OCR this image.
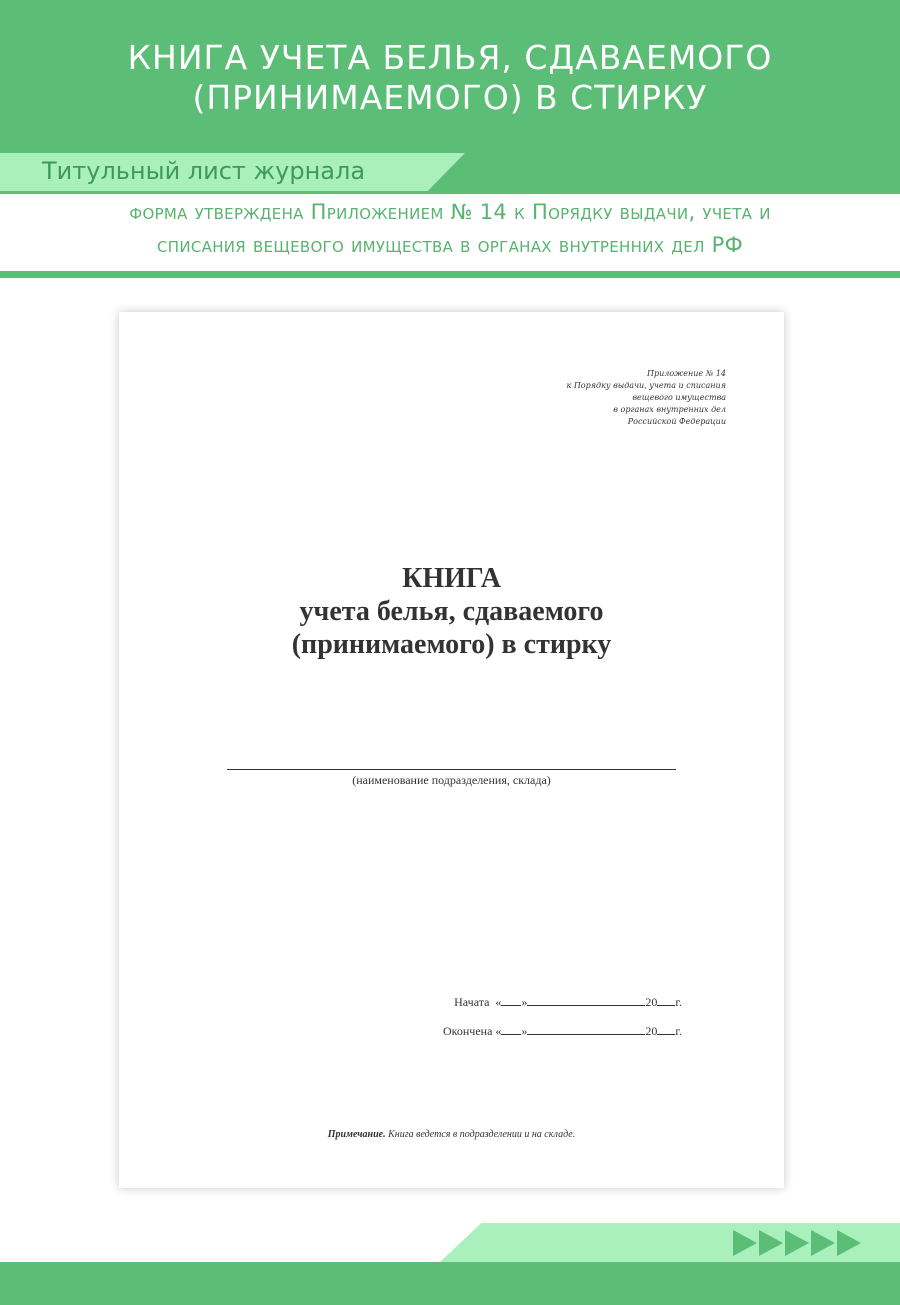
КНИГА УЧЕТА БЕЛЬЯ, СДАВАЕМОГО
(ПРИНИМАЕМОГО) В СТИРКУ
Титульный лист журнала
форма утверждена Приложением № 14 к Порядку выдачи, учета и
списания вещевого имущества в органах внутренних дел РФ
Приложение № 14
к Порядку выдачи, учета и списания
вещевого имущества
в органах внутренних дел
Российской Федерации
КНИГА
учета белья, сдаваемого
(принимаемого) в стирку
(наименование подразделения, склада)
Начата « »	20 г.
Окончена « »	20 г.
Примечание. Книга ведется в подразделении и на складе.
